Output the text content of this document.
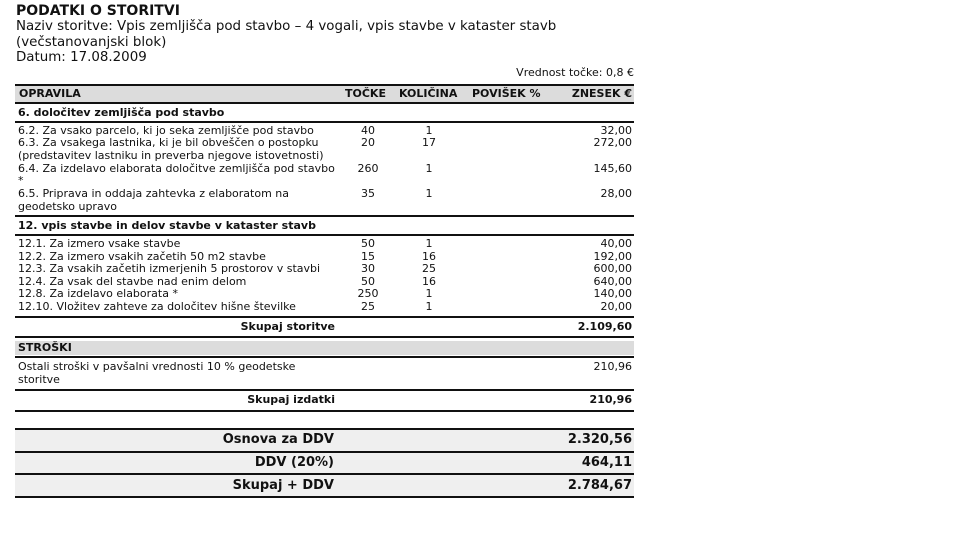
PODATKI O STORITVI
Naziv storitve: Vpis zemljišča pod stavbo – 4 vogali, vpis stavbe v kataster stavb
(večstanovanjski blok)
Datum: 17.08.2009
Vrednost točke: 0,8 €
OPRAVILA	TOČKE KOLIČINA POVIŠEK %	ZNESEK €
6. določitev zemljišča pod stavbo
6.2. Za vsako parcelo, ki jo seka zemljišče pod stavbo	40	1	32,00
6.3. Za vsakega lastnika, ki je bil obveščen o postopku	20	17	272,00
(predstavitev lastniku in preverba njegove istovetnosti)
6.4. Za izdelavo elaborata določitve zemljišča pod stavbo	260	1	145,60
*
6.5. Priprava in oddaja zahtevka z elaboratom na	35	1	28,00
geodetsko upravo
12. vpis stavbe in delov stavbe v kataster stavb
12.1. Za izmero vsake stavbe	50	1	40,00
12.2. Za izmero vsakih začetih 50 m2 stavbe	15	16	192,00
12.3. Za vsakih začetih izmerjenih 5 prostorov v stavbi	30	25	600,00
12.4. Za vsak del stavbe nad enim delom	50	16	640,00
12.8. Za izdelavo elaborata *	250	1	140,00
12.10. Vložitev zahteve za določitev hišne številke	25	1	20,00
Skupaj storitve	2.109,60
STROŠKI
Ostali stroški v pavšalni vrednosti 10 % geodetske	210,96
storitve
Skupaj izdatki	210,96
Osnova za DDV	2.320,56
DDV (20%)	464,11
Skupaj + DDV	2.784,67
